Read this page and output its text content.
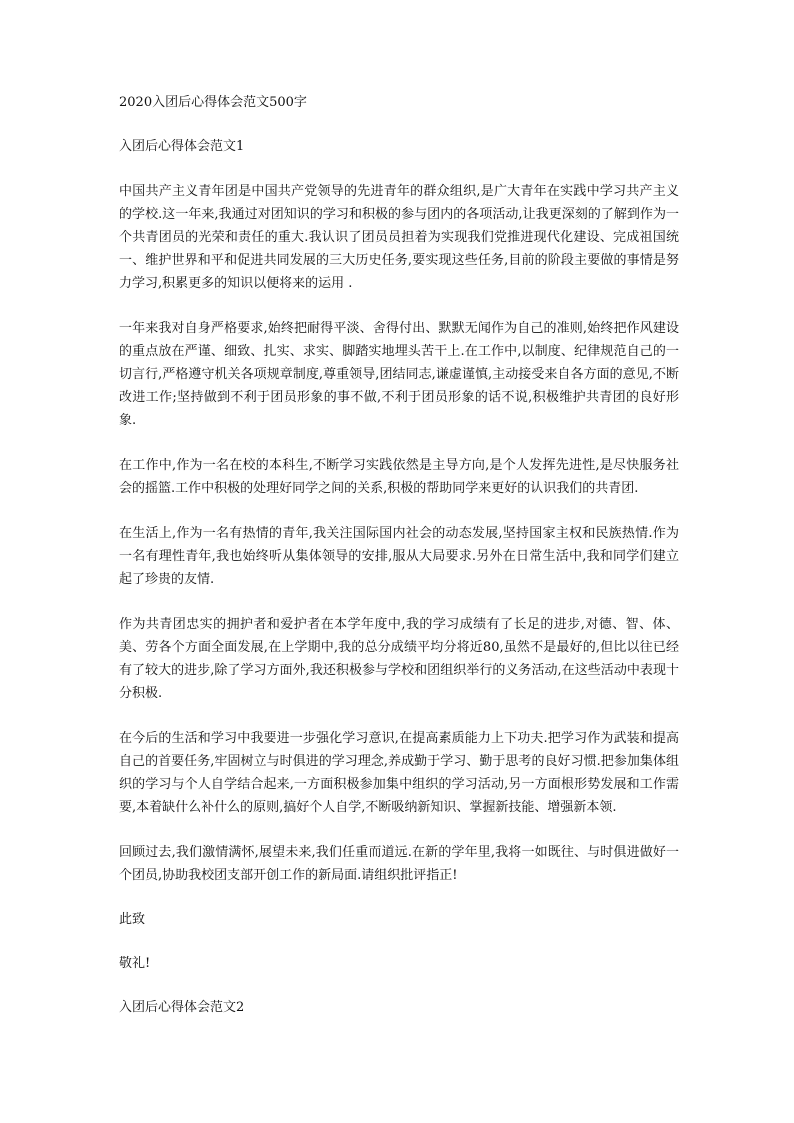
2020入团后心得体会范文500字
入团后心得体会范文1

中国共产主义青年团是中国共产党领导的先进青年的群众组织,是广大青年在实践中学习共产主义的学校.这一年来,我通过对团知识的学习和积极的参与团内的各项活动,让我更深刻的了解到作为一个共青团员的光荣和责任的重大.我认识了团员员担着为实现我们党推进现代化建设、完成祖国统一、维护世界和平和促进共同发展的三大历史任务,要实现这些任务,目前的阶段主要做的事情是努力学习,积累更多的知识以便将来的运用 .

一年来我对自身严格要求,始终把耐得平淡、舍得付出、默默无闻作为自己的准则,始终把作风建设的重点放在严谨、细致、扎实、求实、脚踏实地埋头苦干上.在工作中,以制度、纪律规范自己的一切言行,严格遵守机关各项规章制度,尊重领导,团结同志,谦虚谨慎,主动接受来自各方面的意见,不断改进工作;坚持做到不利于团员形象的事不做,不利于团员形象的话不说,积极维护共青团的良好形象.

在工作中,作为一名在校的本科生,不断学习实践依然是主导方向,是个人发挥先进性,是尽快服务社会的摇篮.工作中积极的处理好同学之间的关系,积极的帮助同学来更好的认识我们的共青团.

在生活上,作为一名有热情的青年,我关注国际国内社会的动态发展,坚持国家主权和民族热情.作为一名有理性青年,我也始终听从集体领导的安排,服从大局要求.另外在日常生活中,我和同学们建立起了珍贵的友情.

作为共青团忠实的拥护者和爱护者在本学年度中,我的学习成绩有了长足的进步,对德、智、体、美、劳各个方面全面发展,在上学期中,我的总分成绩平均分将近80,虽然不是最好的,但比以往已经有了较大的进步,除了学习方面外,我还积极参与学校和团组织举行的义务活动,在这些活动中表现十分积极.

在今后的生活和学习中我要进一步强化学习意识,在提高素质能力上下功夫.把学习作为武装和提高自己的首要任务,牢固树立与时俱进的学习理念,养成勤于学习、勤于思考的良好习惯.把参加集体组织的学习与个人自学结合起来,一方面积极参加集中组织的学习活动,另一方面根形势发展和工作需要,本着缺什么补什么的原则,搞好个人自学,不断吸纳新知识、掌握新技能、增强新本领.

回顾过去,我们激情满怀,展望未来,我们任重而道远.在新的学年里,我将一如既往、与时俱进做好一个团员,协助我校团支部开创工作的新局面.请组织批评指正!

此致
敬礼!
入团后心得体会范文2
